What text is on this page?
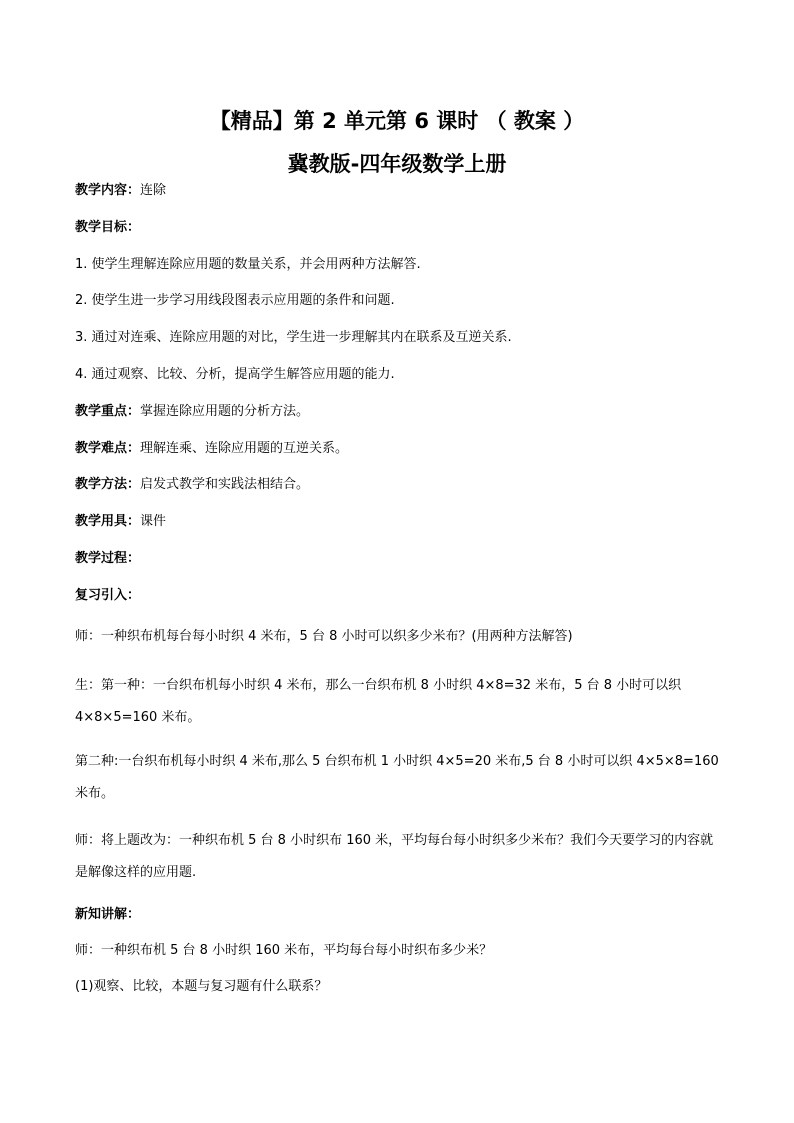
【精品】第 2 单元第 6 课时 （ 教案 ）
冀教版-四年级数学上册
教学内容：连除
教学目标：
1. 使学生理解连除应用题的数量关系，并会用两种方法解答.
2. 使学生进一步学习用线段图表示应用题的条件和问题.
3. 通过对连乘、连除应用题的对比，学生进一步理解其内在联系及互逆关系.
4. 通过观察、比较、分析，提高学生解答应用题的能力.
教学重点：掌握连除应用题的分析方法。
教学难点：理解连乘、连除应用题的互逆关系。
教学方法：启发式教学和实践法相结合。
教学用具：课件
教学过程：
复习引入：
师：一种织布机每台每小时织 4 米布，5 台 8 小时可以织多少米布？(用两种方法解答)
生：第一种：一台织布机每小时织 4 米布，那么一台织布机 8 小时织 4×8=32 米布，5 台 8 小时可以织 4×8×5=160 米布。
第二种:一台织布机每小时织 4 米布,那么 5 台织布机 1 小时织 4×5=20 米布,5 台 8 小时可以织 4×5×8=160 米布。
师：将上题改为：一种织布机 5 台 8 小时织布 160 米，平均每台每小时织多少米布？我们今天要学习的内容就是解像这样的应用题.
新知讲解：
师：一种织布机 5 台 8 小时织 160 米布，平均每台每小时织布多少米？
(1)观察、比较，本题与复习题有什么联系？
